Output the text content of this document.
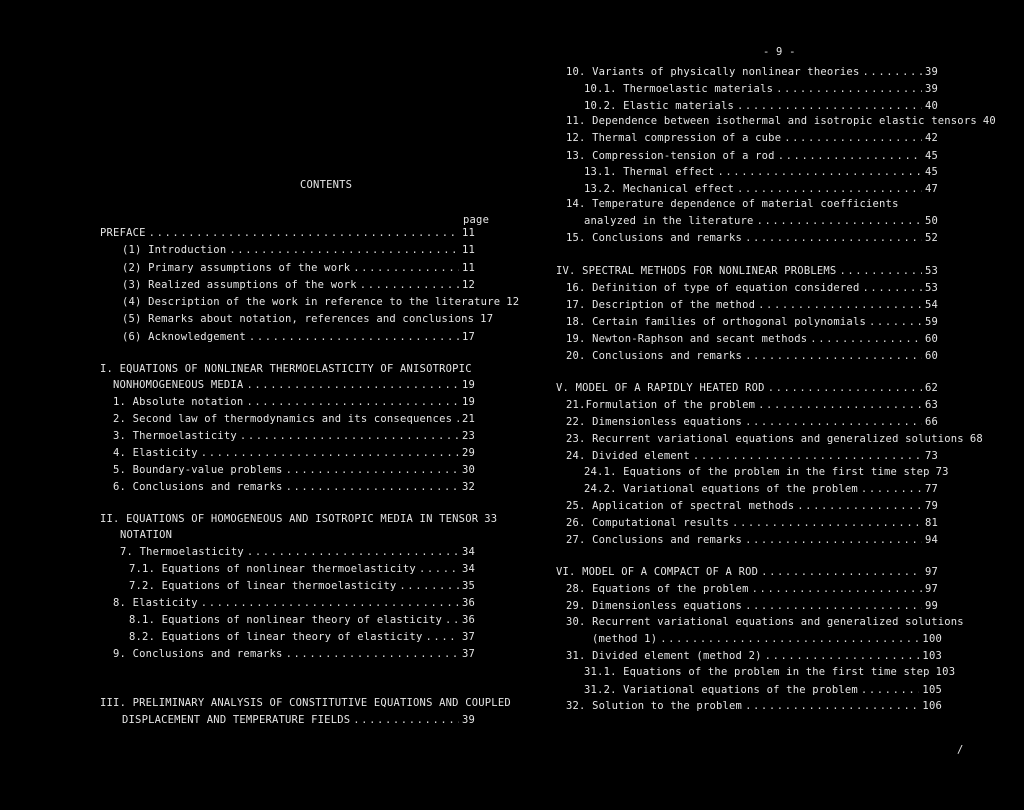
- 9 -
CONTENTS
page
PREFACE .....	11
(1) Introduction .....	11
(2) Primary assumptions of the work .....	11
(3) Realized assumptions of the work .....	12
(4) Description of the work in reference to the literature 12
(5) Remarks about notation, references and conclusions 17
(6) Acknowledgement .....	17
I. EQUATIONS OF NONLINEAR THERMOELASTICITY OF ANISOTROPIC
NONHOMOGENEOUS MEDIA .....	19
1. Absolute notation .....	19
2. Second law of thermodynamics and its consequences ..... 21
3. Thermoelasticity .....	23
4. Elasticity .....	29
5. Boundary-value problems .....	30
6. Conclusions and remarks .....	32
II. EQUATIONS OF HOMOGENEOUS AND ISOTROPIC MEDIA IN TENSOR 33
NOTATION
7. Thermoelasticity .....	34
7.1. Equations of nonlinear thermoelasticity .....	34
7.2. Equations of linear thermoelasticity .....	35
8. Elasticity .....	36
8.1. Equations of nonlinear theory of elasticity ..... 36
8.2. Equations of linear theory of elasticity .....	37
9. Conclusions and remarks .....	37
III. PRELIMINARY ANALYSIS OF CONSTITUTIVE EQUATIONS AND COUPLED
DISPLACEMENT AND TEMPERATURE FIELDS .....	39
10. Variants of physically nonlinear theories .....	39
10.1. Thermoelastic materials .....	39
10.2. Elastic materials .....	40
11. Dependence between isothermal and isotropic elastic tensors 40
12. Thermal compression of a cube .....	42
13. Compression-tension of a rod .....	45
13.1. Thermal effect .....	45
13.2. Mechanical effect .....	47
14. Temperature dependence of material coefficients
analyzed in the literature .....	50
15. Conclusions and remarks .....	52
IV. SPECTRAL METHODS FOR NONLINEAR PROBLEMS .....	53
16. Definition of type of equation considered .....	53
17. Description of the method .....	54
18. Certain families of orthogonal polynomials .....	59
19. Newton-Raphson and secant methods .....	60
20. Conclusions and remarks .....	60
V. MODEL OF A RAPIDLY HEATED ROD .....	62
21.Formulation of the problem .....	63
22. Dimensionless equations .....	66
23. Recurrent variational equations and generalized solutions 68
24. Divided element .....	73
24.1. Equations of the problem in the first time step 73
24.2. Variational equations of the problem .....	77
25. Application of spectral methods .....	79
26. Computational results .....	81
27. Conclusions and remarks .....	94
VI. MODEL OF A COMPACT OF A ROD .....	97
28. Equations of the problem .....	97
29. Dimensionless equations .....	99
30. Recurrent variational equations and generalized solutions
(method 1) .....	100
31. Divided element (method 2) .....	103
31.1. Equations of the problem in the first time step 103
31.2. Variational equations of the problem .....	105
32. Solution to the problem .....	106
/
